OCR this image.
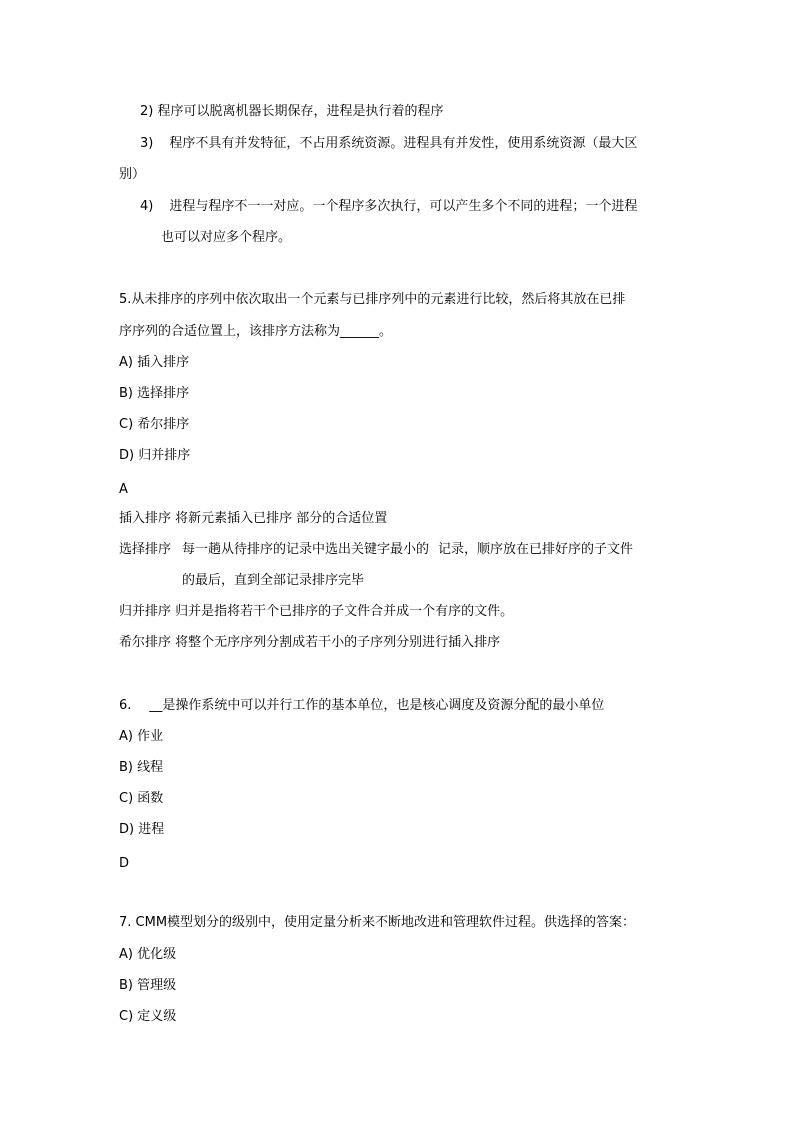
2) 程序可以脱离机器长期保存，进程是执行着的程序
3) 程序不具有并发特征，不占用系统资源。进程具有并发性，使用系统资源（最大区
别）
4) 进程与程序不一一对应。一个程序多次执行，可以产生多个不同的进程；一个进程
也可以对应多个程序。
5.从未排序的序列中依次取出一个元素与已排序列中的元素进行比较，然后将其放在已排
序序列的合适位置上，该排序方法称为______。
A) 插入排序
B) 选择排序
C) 希尔排序
D) 归并排序
A
插入排序 将新元素插入已排序 部分的合适位置
选择排序 每一趟从待排序的记录中选出关键字最小的 记录，顺序放在已排好序的子文件
的最后，直到全部记录排序完毕
归并排序 归并是指将若干个已排序的子文件合并成一个有序的文件。
希尔排序 将整个无序序列分割成若干小的子序列分别进行插入排序
6. __是操作系统中可以并行工作的基本单位，也是核心调度及资源分配的最小单位
A) 作业
B) 线程
C) 函数
D) 进程
D
7. CMM模型划分的级别中，使用定量分析来不断地改进和管理软件过程。供选择的答案：
A) 优化级
B) 管理级
C) 定义级
